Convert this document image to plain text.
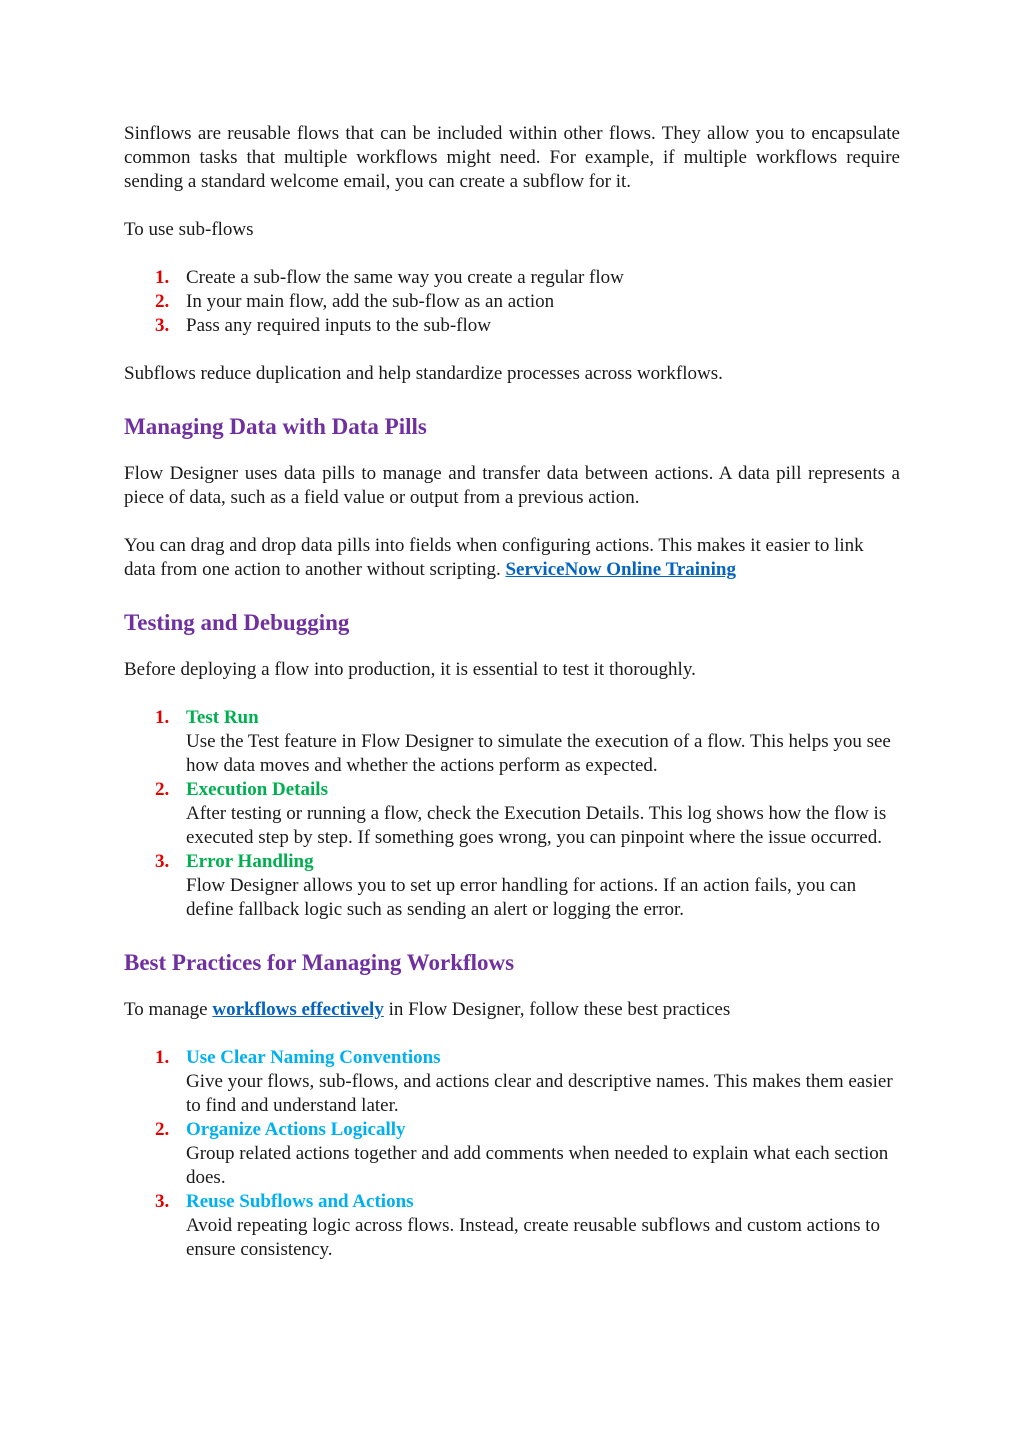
Sinflows are reusable flows that can be included within other flows. They allow you to encapsulate common tasks that multiple workflows might need. For example, if multiple workflows require sending a standard welcome email, you can create a subflow for it.

To use sub-flows

1. Create a sub-flow the same way you create a regular flow
2. In your main flow, add the sub-flow as an action
3. Pass any required inputs to the sub-flow

Subflows reduce duplication and help standardize processes across workflows.

Managing Data with Data Pills

Flow Designer uses data pills to manage and transfer data between actions. A data pill represents a piece of data, such as a field value or output from a previous action.

You can drag and drop data pills into fields when configuring actions. This makes it easier to link data from one action to another without scripting. ServiceNow Online Training

Testing and Debugging

Before deploying a flow into production, it is essential to test it thoroughly.

1. Test Run
Use the Test feature in Flow Designer to simulate the execution of a flow. This helps you see how data moves and whether the actions perform as expected.
2. Execution Details
After testing or running a flow, check the Execution Details. This log shows how the flow is executed step by step. If something goes wrong, you can pinpoint where the issue occurred.
3. Error Handling
Flow Designer allows you to set up error handling for actions. If an action fails, you can define fallback logic such as sending an alert or logging the error.
Best Practices for Managing Workflows

To manage workflows effectively in Flow Designer, follow these best practices

1. Use Clear Naming Conventions
Give your flows, sub-flows, and actions clear and descriptive names. This makes them easier to find and understand later.
2. Organize Actions Logically
Group related actions together and add comments when needed to explain what each section does.
3. Reuse Subflows and Actions
Avoid repeating logic across flows. Instead, create reusable subflows and custom actions to ensure consistency.
